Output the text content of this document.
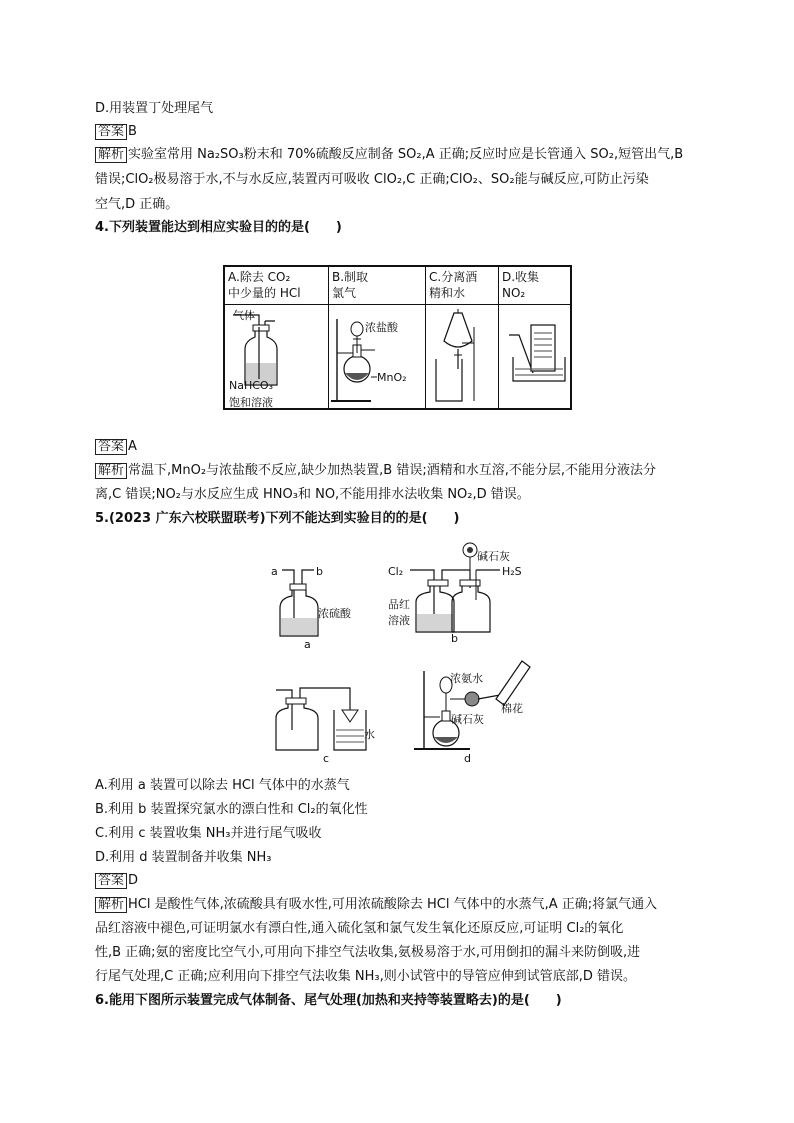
D.用装置丁处理尾气
答案 B
解析 实验室常用 Na₂SO₃粉末和 70%硫酸反应制备 SO₂,A 正确;反应时应是长管通入 SO₂,短管出气,B
错误;ClO₂极易溶于水,不与水反应,装置丙可吸收 ClO₂,C 正确;ClO₂、SO₂能与碱反应,可防止污染
空气,D 正确。
4.下列装置能达到相应实验目的的是(　　)
A.除去 CO₂
中少量的 HCl
B.制取
氯气
C.分离酒
精和水
D.收集
NO₂
气体
NaHCO₃
饱和溶液
浓盐酸
MnO₂
答案 A
解析 常温下,MnO₂与浓盐酸不反应,缺少加热装置,B 错误;酒精和水互溶,不能分层,不能用分液法分
离,C 错误;NO₂与水反应生成 HNO₃和 NO,不能用排水法收集 NO₂,D 错误。
5.(2023 广东六校联盟联考)下列不能达到实验目的的是(　　)
a	b
浓硫酸
a
碱石灰
Cl₂	H₂S
品红
溶液
b
水
c
浓氨水
棉花
碱石灰
d
A.利用 a 装置可以除去 HCl 气体中的水蒸气
B.利用 b 装置探究氯水的漂白性和 Cl₂的氧化性
C.利用 c 装置收集 NH₃并进行尾气吸收
D.利用 d 装置制备并收集 NH₃
答案 D
解析 HCl 是酸性气体,浓硫酸具有吸水性,可用浓硫酸除去 HCl 气体中的水蒸气,A 正确;将氯气通入
品红溶液中褪色,可证明氯水有漂白性,通入硫化氢和氯气发生氧化还原反应,可证明 Cl₂的氧化
性,B 正确;氨的密度比空气小,可用向下排空气法收集,氨极易溶于水,可用倒扣的漏斗来防倒吸,进
行尾气处理,C 正确;应利用向下排空气法收集 NH₃,则小试管中的导管应伸到试管底部,D 错误。
6.能用下图所示装置完成气体制备、尾气处理(加热和夹持等装置略去)的是(　　)
